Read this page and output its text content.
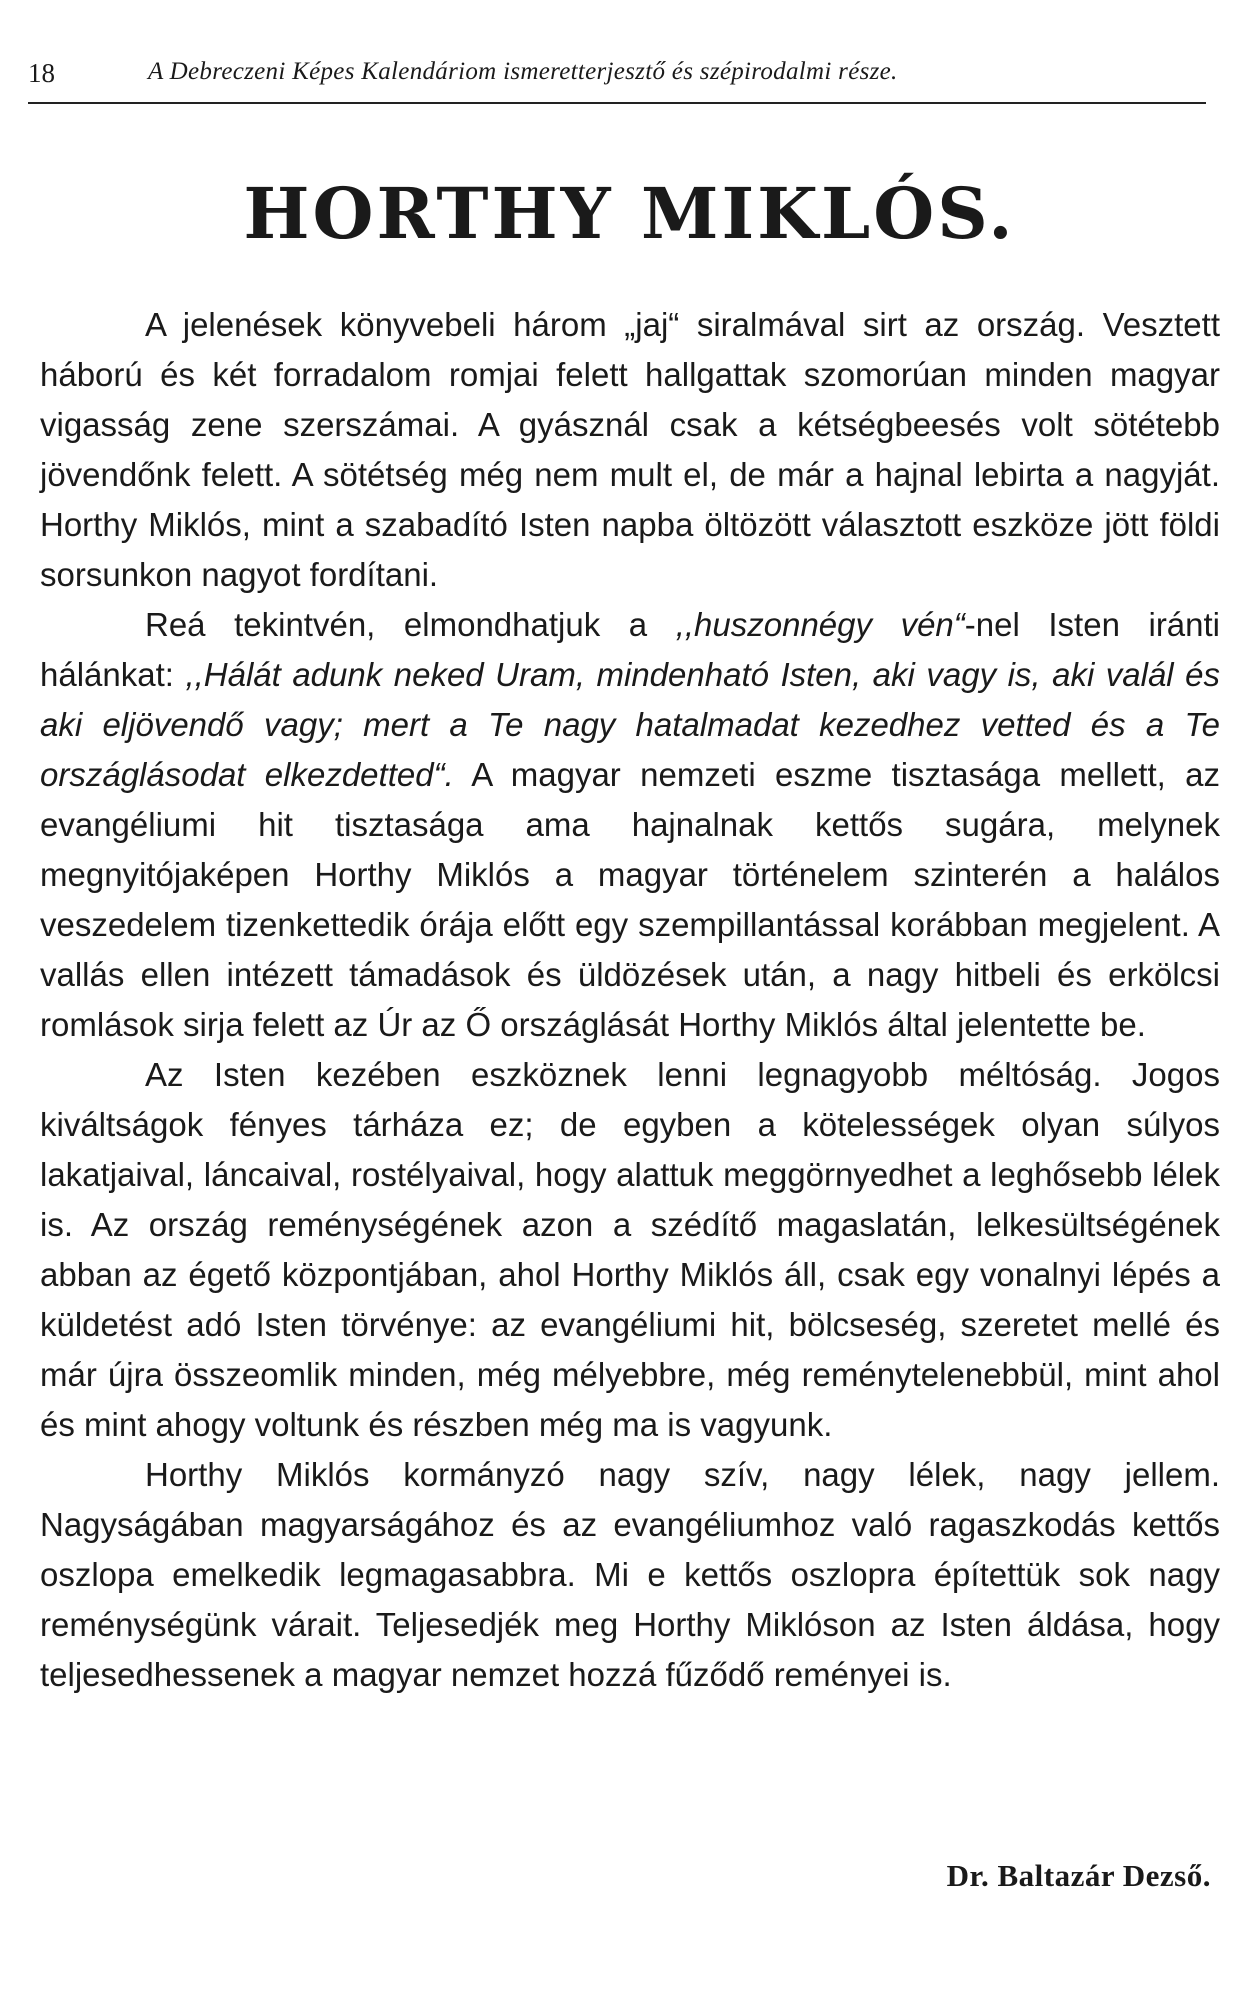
18	A Debreczeni Képes Kalendáriom ismeretterjesztő és szépirodalmi része.
HORTHY MIKLÓS.

A jelenések könyvebeli három „jaj“ siralmával sirt az ország. Vesztett háború és két forradalom romjai felett hallgattak szomorúan minden magyar vigasság zene szerszámai. A gyásznál csak a kétségbeesés volt sötétebb jövendőnk felett. A sötétség még nem mult el, de már a hajnal lebirta a nagyját. Horthy Miklós, mint a szabadító Isten napba öltözött választott eszköze jött földi sorsunkon nagyot fordítani.

Reá tekintvén, elmondhatjuk a ,,huszonnégy vén“-nel Isten iránti hálánkat: ,,Hálát adunk neked Uram, mindenható Isten, aki vagy is, aki valál és aki eljövendő vagy; mert a Te nagy hatalmadat kezedhez vetted és a Te országlásodat elkezdetted“. A magyar nemzeti eszme tisztasága mellett, az evangéliumi hit tisztasága ama hajnalnak kettős sugára, melynek megnyitójaképen Horthy Miklós a magyar történelem szinterén a halálos veszedelem tizenkettedik órája előtt egy szempillantással korábban megjelent. A vallás ellen intézett támadások és üldözések után, a nagy hitbeli és erkölcsi romlások sirja felett az Úr az Ő országlását Horthy Miklós által jelentette be.

Az Isten kezében eszköznek lenni legnagyobb méltóság. Jogos kiváltságok fényes tárháza ez; de egyben a kötelességek olyan súlyos lakatjaival, láncaival, rostélyaival, hogy alattuk meggörnyedhet a leghősebb lélek is. Az ország reménységének azon a szédítő magaslatán, lelkesültségének abban az égető központjában, ahol Horthy Miklós áll, csak egy vonalnyi lépés a küldetést adó Isten törvénye: az evangéliumi hit, bölcseség, szeretet mellé és már újra összeomlik minden, még mélyebbre, még reménytelenebbül, mint ahol és mint ahogy voltunk és részben még ma is vagyunk.

Horthy Miklós kormányzó nagy szív, nagy lélek, nagy jellem. Nagyságában magyarságához és az evangéliumhoz való ragaszkodás kettős oszlopa emelkedik legmagasabbra. Mi e kettős oszlopra építettük sok nagy reménységünk várait. Teljesedjék meg Horthy Miklóson az Isten áldása, hogy teljesedhessenek a magyar nemzet hozzá fűződő reményei is.

Dr. Baltazár Dezső.
